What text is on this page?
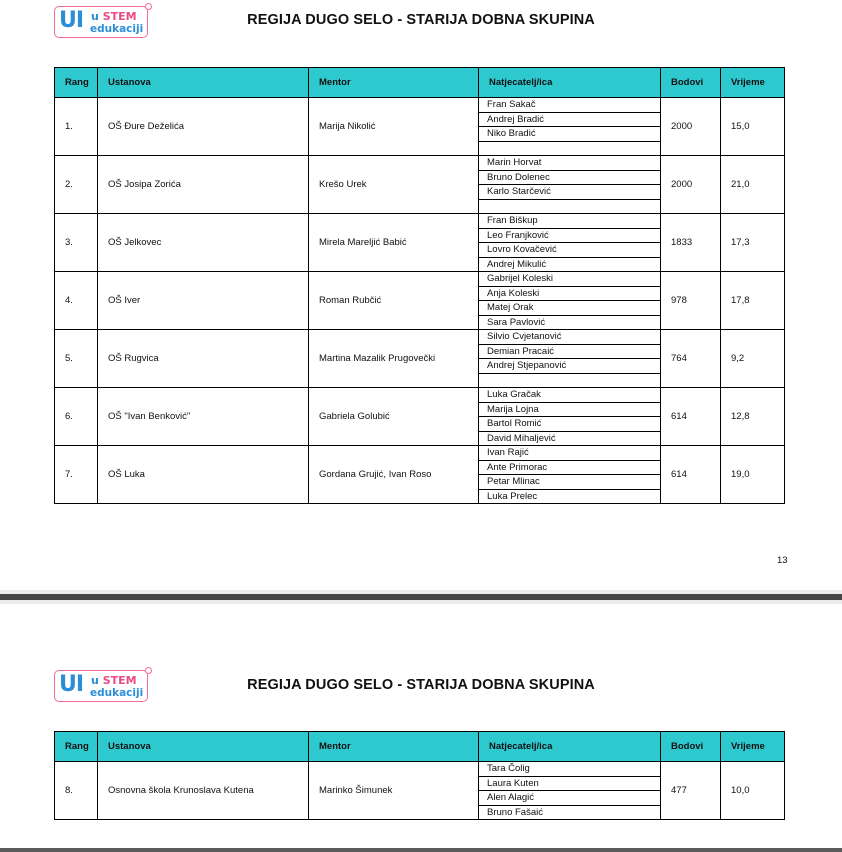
UI u STEM
edukaciji
REGIJA DUGO SELO - STARIJA DOBNA SKUPINA
Rang	Ustanova	Mentor	Natjecatelj/ica	Bodovi	Vrijeme
1.	OŠ Đure Deželića	Marija Nikolić	Fran Sakač
Andrej Bradić
Niko Bradić	2000	15,0
2.	OŠ Josipa Zorića	Krešo Urek	Marin Horvat
Bruno Dolenec
Karlo Starčević	2000	21,0
3.	OŠ Jelkovec	Mirela Mareljić Babić	Fran Biškup
Leo Franjković
Lovro Kovačević
Andrej Mikulić	1833	17,3
4.	OŠ Iver	Roman Rubčić	Gabrijel Koleski
Anja Koleski
Matej Orak
Sara Pavlović	978	17,8
5.	OŠ Rugvica	Martina Mazalik Prugovečki	Silvio Cvjetanović
Demian Pracaić
Andrej Stjepanović	764	9,2
6.	OŠ "Ivan Benković"	Gabriela Golubić	Luka Gračak
Marija Lojna
Bartol Romić
David Mihaljević	614	12,8
7.	OŠ Luka	Gordana Grujić, Ivan Roso	Ivan Rajić
Ante Primorac
Petar Mlinac
Luka Prelec	614	19,0
13
UI u STEM
edukaciji	REGIJA DUGO SELO - STARIJA DOBNA SKUPINA
Rang	Ustanova	Mentor	Natjecatelj/ica	Bodovi	Vrijeme
8.	Osnovna škola Krunoslava Kutena	Marinko Šimunek	Tara Čolig
Laura Kuten
Alen Alagić
Bruno Fašaić	477	10,0
